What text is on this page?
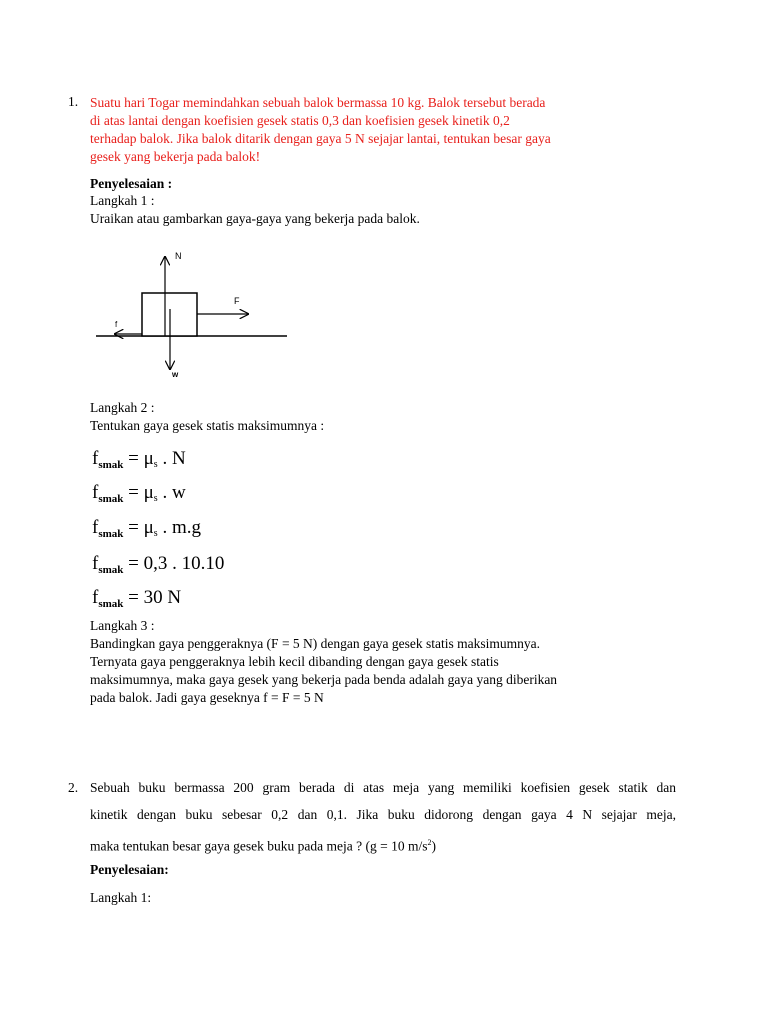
1. Suatu hari Togar memindahkan sebuah balok bermassa 10 kg. Balok tersebut berada
di atas lantai dengan koefisien gesek statis 0,3 dan koefisien gesek kinetik 0,2
terhadap balok. Jika balok ditarik dengan gaya 5 N sejajar lantai, tentukan besar gaya
gesek yang bekerja pada balok!
Penyelesaian :
Langkah 1 :
Uraikan atau gambarkan gaya-gaya yang bekerja pada balok.
N
F
f
w
Langkah 2 :
Tentukan gaya gesek statis maksimumnya :
$f_{smak} = \mu s$ . N
$f_{smak} = \mu s$ . w
$f_{smak} = \mu s$ . m.g
$f_{smak} = 0,3$ . 10.10
$f_{smak} = 30$ N
Langkah 3 :
Bandingkan gaya penggeraknya (F = 5 N) dengan gaya gesek statis maksimumnya.
Ternyata gaya penggeraknya lebih kecil dibanding dengan gaya gesek statis
maksimumnya, maka gaya gesek yang bekerja pada benda adalah gaya yang diberikan
pada balok. Jadi gaya geseknya f = F = 5 N
2. Sebuah buku bermassa 200 gram berada di atas meja yang memiliki koefisien gesek statik dan
kinetik dengan buku sebesar 0,2 dan 0,1. Jika buku didorong dengan gaya 4 N sejajar meja,
maka tentukan besar gaya gesek buku pada meja ? (g = 10 $m/s^2$)
Penyelesaian:
Langkah 1:
